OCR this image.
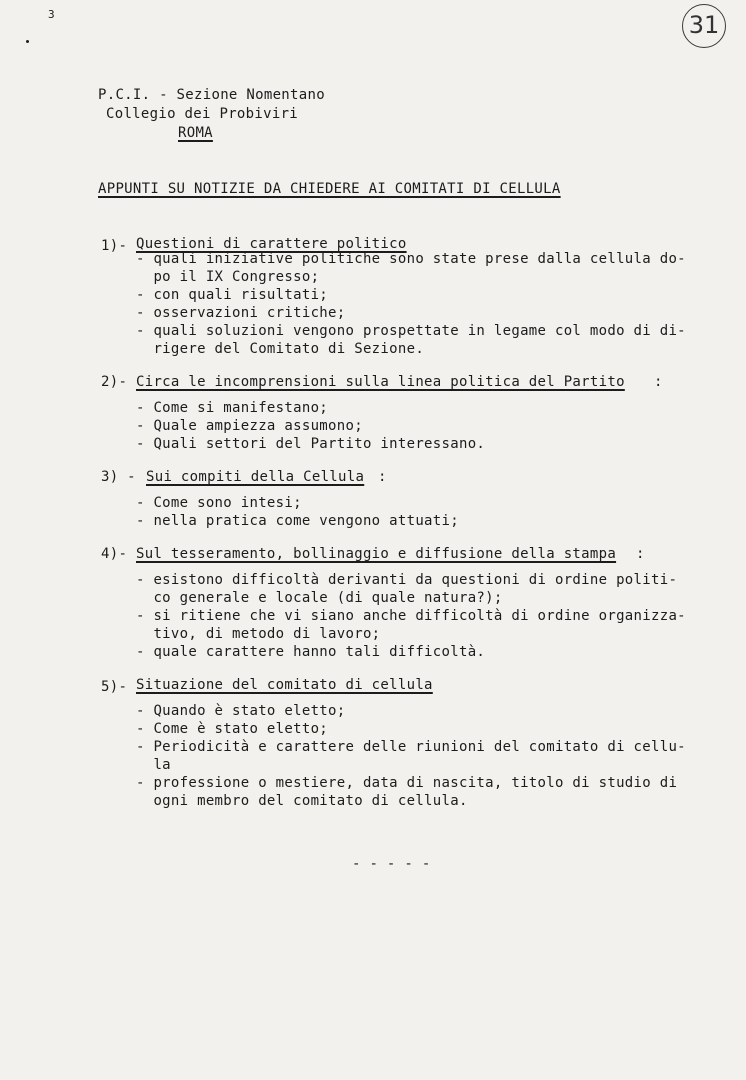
3	31
P.C.I. - Sezione Nomentano
Collegio dei Probiviri
ROMA
APPUNTI SU NOTIZIE DA CHIEDERE AI COMITATI DI CELLULA
1)- Questioni di carattere politico
- quali iniziative politiche sono state prese dalla cellula do-
po il IX Congresso;
- con quali risultati;
- osservazioni critiche;
- quali soluzioni vengono prospettate in legame col modo di di-
rigere del Comitato di Sezione.
2)- Circa le incomprensioni sulla linea politica del Partito :
- Come si manifestano;
- Quale ampiezza assumono;
- Quali settori del Partito interessano.
3) - Sui compiti della Cellula :
- Come sono intesi;
- nella pratica come vengono attuati;
4)- Sul tesseramento, bollinaggio e diffusione della stampa :
- esistono difficoltà derivanti da questioni di ordine politi-
co generale e locale (di quale natura?);
- si ritiene che vi siano anche difficoltà di ordine organizza-
tivo, di metodo di lavoro;
- quale carattere hanno tali difficoltà.
5)- Situazione del comitato di cellula
- Quando è stato eletto;
- Come è stato eletto;
- Periodicità e carattere delle riunioni del comitato di cellu-
la
- professione o mestiere, data di nascita, titolo di studio di
ogni membro del comitato di cellula.
- - - - -
